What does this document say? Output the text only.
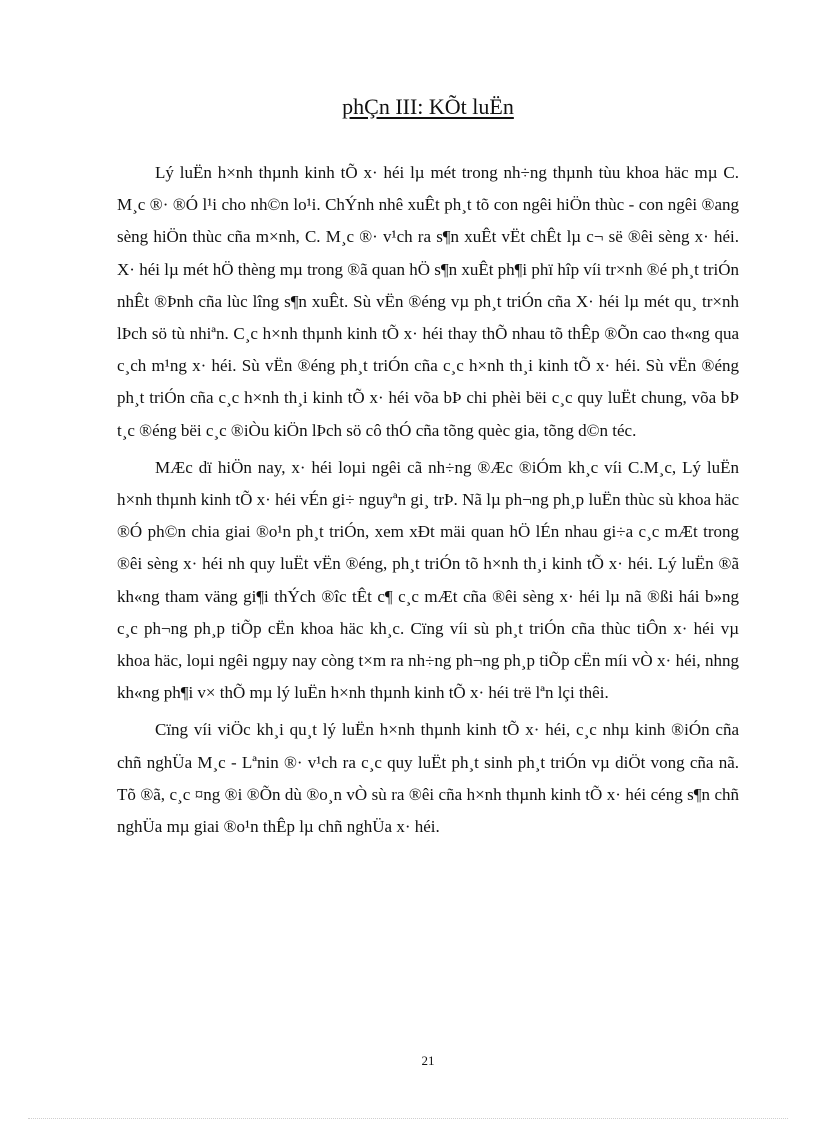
phÇn III: KÕt luËn

Lý luËn h×nh thµnh kinh tÕ x· héi lµ mét trong nh÷ng thµnh tùu khoa häc mµ C. M¸c ®· ®Ó l¹i cho nh©n lo¹i. ChÝnh nhê xuÊt ph¸t tõ con ngêi hiÖn thùc - con ngêi ®ang sèng hiÖn thùc cña m×nh, C. M¸c ®· v¹ch ra s¶n xuÊt vËt chÊt lµ c¬ së ®êi sèng x· héi. X· héi lµ mét hÖ thèng mµ trong ®ã quan hÖ s¶n xuÊt ph¶i phï hîp víi tr×nh ®é ph¸t triÓn nhÊt ®Þnh cña lùc lîng s¶n xuÊt. Sù vËn ®éng vµ ph¸t triÓn cña X· héi lµ mét qu¸ tr×nh lÞch sö tù nhiªn. C¸c h×nh thµnh kinh tÕ x· héi thay thÕ nhau tõ thÊp ®Õn cao th«ng qua c¸ch m¹ng x· héi. Sù vËn ®éng ph¸t triÓn cña c¸c h×nh th¸i kinh tÕ x· héi. Sù vËn ®éng ph¸t triÓn cña c¸c h×nh th¸i kinh tÕ x· héi võa bÞ chi phèi bëi c¸c quy luËt chung, võa bÞ t¸c ®éng bëi c¸c ®iÒu kiÖn lÞch sö cô thÓ cña tõng quèc gia, tõng d©n téc.

MÆc dï hiÖn nay, x· héi loµi ngêi cã nh÷ng ®Æc ®iÓm kh¸c víi C.M¸c, Lý luËn h×nh thµnh kinh tÕ x· héi vÉn gi÷ nguyªn gi¸ trÞ. Nã lµ ph¬ng ph¸p luËn thùc sù khoa häc ®Ó ph©n chia giai ®o¹n ph¸t triÓn, xem xÐt mäi quan hÖ lÉn nhau gi÷a c¸c mÆt trong ®êi sèng x· héi nh quy luËt vËn ®éng, ph¸t triÓn tõ h×nh th¸i kinh tÕ x· héi. Lý luËn ®ã kh«ng tham väng gi¶i thÝch ®îc tÊt c¶ c¸c mÆt cña ®êi sèng x· héi lµ nã ®ßi hái b»ng c¸c ph¬ng ph¸p tiÕp cËn khoa häc kh¸c. Cïng víi sù ph¸t triÓn cña thùc tiÔn x· héi vµ khoa häc, loµi ngêi ngµy nay còng t×m ra nh÷ng ph¬ng ph¸p tiÕp cËn míi vÒ x· héi, nhng kh«ng ph¶i v× thÕ mµ lý luËn h×nh thµnh kinh tÕ x· héi trë lªn lçi thêi.

Cïng víi viÖc kh¸i qu¸t lý luËn h×nh thµnh kinh tÕ x· héi, c¸c nhµ kinh ®iÓn cña chñ nghÜa M¸c - Lªnin ®· v¹ch ra c¸c quy luËt ph¸t sinh ph¸t triÓn vµ diÖt vong cña nã. Tõ ®ã, c¸c ¤ng ®i ®Õn dù ®o¸n vÒ sù ra ®êi cña h×nh thµnh kinh tÕ x· héi céng s¶n chñ nghÜa mµ giai ®o¹n thÊp lµ chñ nghÜa x· héi.

21
